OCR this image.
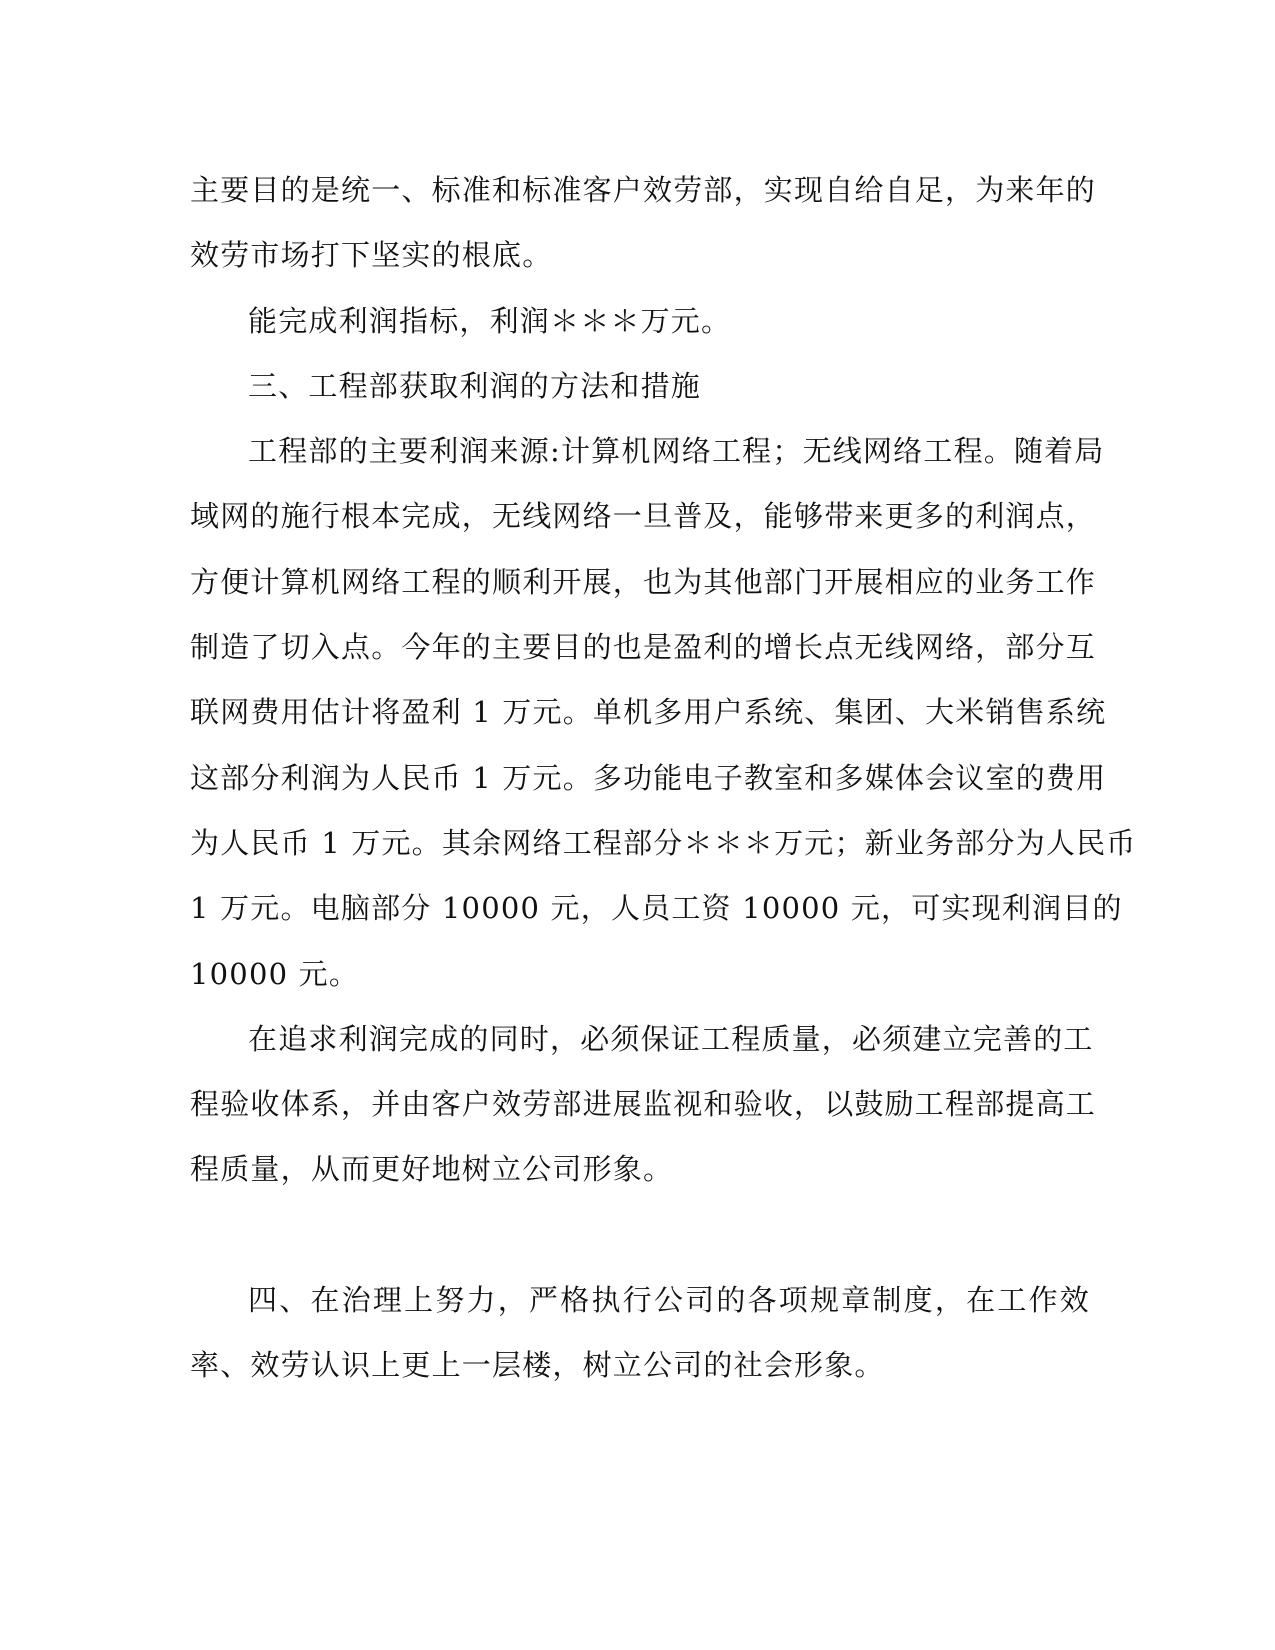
主要目的是统一、标准和标准客户效劳部，实现自给自足，为来年的
效劳市场打下坚实的根底。
能完成利润指标，利润＊＊＊万元。
三、工程部获取利润的方法和措施
工程部的主要利润来源:计算机网络工程；无线网络工程。随着局
域网的施行根本完成，无线网络一旦普及，能够带来更多的利润点，
方便计算机网络工程的顺利开展，也为其他部门开展相应的业务工作
制造了切入点。今年的主要目的也是盈利的增长点无线网络，部分互
联网费用估计将盈利 1 万元。单机多用户系统、集团、大米销售系统
这部分利润为人民币 1 万元。多功能电子教室和多媒体会议室的费用
为人民币 1 万元。其余网络工程部分＊＊＊万元；新业务部分为人民币
1 万元。电脑部分 10000 元，人员工资 10000 元，可实现利润目的
10000 元。
在追求利润完成的同时，必须保证工程质量，必须建立完善的工
程验收体系，并由客户效劳部进展监视和验收，以鼓励工程部提高工
程质量，从而更好地树立公司形象。
四、在治理上努力，严格执行公司的各项规章制度，在工作效
率、效劳认识上更上一层楼，树立公司的社会形象。
